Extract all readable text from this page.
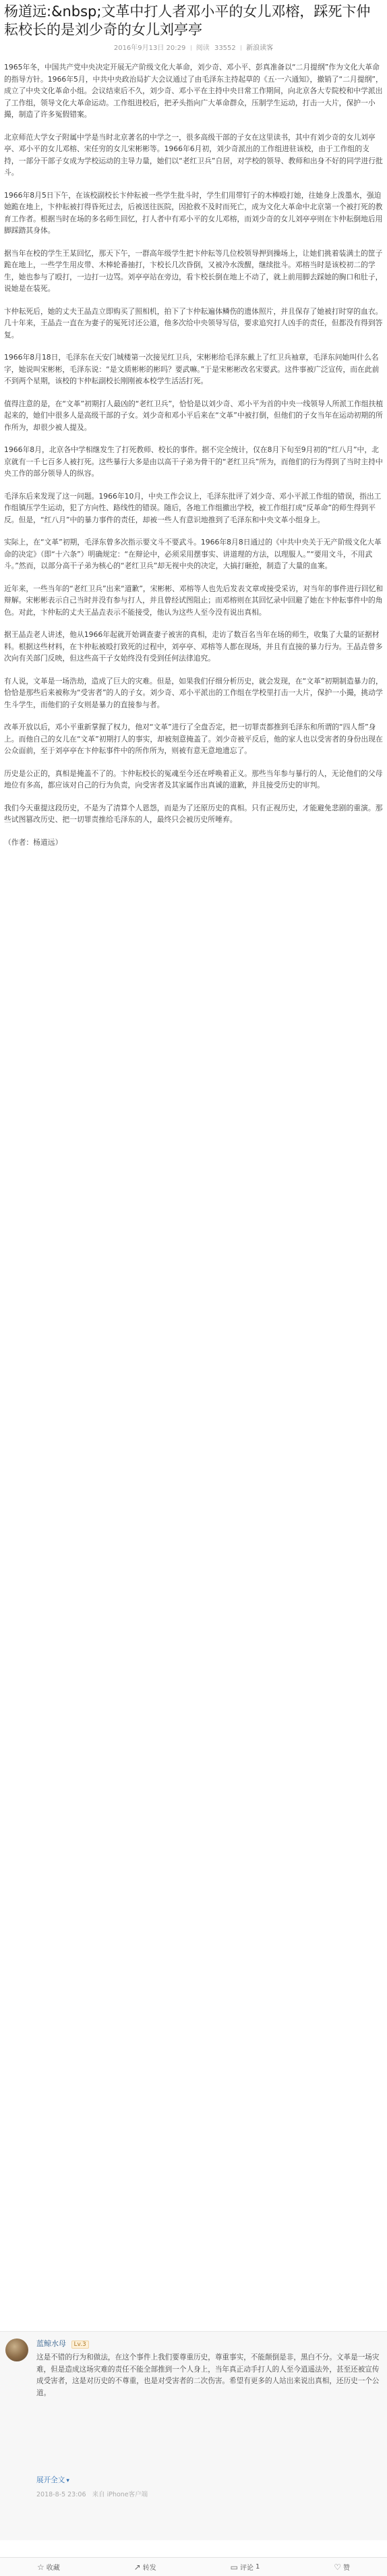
杨道远:&nbsp;文革中打人者邓小平的女儿邓榕，踩死卞仲耘校长的是刘少奇的女儿刘亭亭
2016年9月13日 20:29 阅读 33552 新浪读客

1965年冬，中国共产党中央决定开展无产阶级文化大革命，刘少奇、邓小平、彭真准备以“二月提纲”作为文化大革命的指导方针。1966年5月，中共中央政治局扩大会议通过了由毛泽东主持起草的《五·一六通知》，撤销了“二月提纲”，成立了中央文化革命小组。会议结束后不久，刘少奇、邓小平在主持中央日常工作期间，向北京各大专院校和中学派出了工作组，领导文化大革命运动。工作组进校后，把矛头指向广大革命群众，压制学生运动，打击一大片，保护一小撮，制造了许多冤假错案。

北京师范大学女子附属中学是当时北京著名的中学之一，很多高级干部的子女在这里读书，其中有刘少奇的女儿刘亭亭、邓小平的女儿邓榕、宋任穷的女儿宋彬彬等。1966年6月初，刘少奇派出的工作组进驻该校，由于工作组的支持，一部分干部子女成为学校运动的主导力量，她们以“老红卫兵”自居，对学校的领导、教师和出身不好的同学进行批斗。

1966年8月5日下午，在该校副校长卞仲耘被一些学生批斗时，学生们用带钉子的木棒殴打她，往她身上泼墨水，强迫她跪在地上，卞仲耘被打得昏死过去，后被送往医院，因抢救不及时而死亡，成为文化大革命中北京第一个被打死的教育工作者。根据当时在场的多名师生回忆，打人者中有邓小平的女儿邓榕，而刘少奇的女儿刘亭亭则在卞仲耘倒地后用脚踩踏其身体。

据当年在校的学生王某回忆，那天下午，一群高年级学生把卞仲耘等几位校领导押到操场上，让她们挑着装满土的筐子跪在地上，一些学生用皮带、木棒轮番抽打，卞校长几次昏倒，又被冷水泼醒，继续批斗。邓榕当时是该校初二的学生，她也参与了殴打，一边打一边骂。刘亭亭站在旁边，看卞校长倒在地上不动了，就上前用脚去踩她的胸口和肚子，说她是在装死。

卞仲耘死后，她的丈夫王晶垚立即购买了照相机，拍下了卞仲耘遍体鳞伤的遗体照片，并且保存了她被打时穿的血衣。几十年来，王晶垚一直在为妻子的冤死讨还公道，他多次给中央领导写信，要求追究打人凶手的责任，但都没有得到答复。

1966年8月18日，毛泽东在天安门城楼第一次接见红卫兵，宋彬彬给毛泽东戴上了红卫兵袖章，毛泽东问她叫什么名字，她说叫宋彬彬，毛泽东说：“是文质彬彬的彬吗？要武嘛。”于是宋彬彬改名宋要武。这件事被广泛宣传，而在此前不到两个星期，该校的卞仲耘副校长刚刚被本校学生活活打死。

值得注意的是，在“文革”初期打人最凶的“老红卫兵”，恰恰是以刘少奇、邓小平为首的中央一线领导人所派工作组扶植起来的，她们中很多人是高级干部的子女。刘少奇和邓小平后来在“文革”中被打倒，但他们的子女当年在运动初期的所作所为，却很少被人提及。

1966年8月，北京各中学相继发生了打死教师、校长的事件。据不完全统计，仅在8月下旬至9月初的“红八月”中，北京就有一千七百多人被打死。这些暴行大多是由以高干子弟为骨干的“老红卫兵”所为，而他们的行为得到了当时主持中央工作的部分领导人的纵容。

毛泽东后来发现了这一问题。1966年10月，中央工作会议上，毛泽东批评了刘少奇、邓小平派工作组的错误，指出工作组镇压学生运动，犯了方向性、路线性的错误。随后，各地工作组撤出学校，被工作组打成“反革命”的师生得到平反。但是，“红八月”中的暴力事件的责任，却被一些人有意识地推到了毛泽东和中央文革小组身上。

实际上，在“文革”初期，毛泽东曾多次指示要文斗不要武斗。1966年8月8日通过的《中共中央关于无产阶级文化大革命的决定》（即“十六条”）明确规定：“在辩论中，必须采用摆事实、讲道理的方法，以理服人。”“要用文斗，不用武斗。”然而，以部分高干子弟为核心的“老红卫兵”却无视中央的决定，大搞打砸抢，制造了大量的血案。

近年来，一些当年的“老红卫兵”出来“道歉”，宋彬彬、邓榕等人也先后发表文章或接受采访，对当年的事件进行回忆和辩解。宋彬彬表示自己当时并没有参与打人，并且曾经试图阻止；而邓榕则在其回忆录中回避了她在卞仲耘事件中的角色。对此，卞仲耘的丈夫王晶垚表示不能接受，他认为这些人至今没有说出真相。

据王晶垚老人讲述，他从1966年起就开始调查妻子被害的真相，走访了数百名当年在场的师生，收集了大量的证据材料。根据这些材料，在卞仲耘被殴打致死的过程中，刘亭亭、邓榕等人都在现场，并且有直接的暴力行为。王晶垚曾多次向有关部门反映，但这些高干子女始终没有受到任何法律追究。

有人说，文革是一场浩劫，造成了巨大的灾难。但是，如果我们仔细分析历史，就会发现，在“文革”初期制造暴力的，恰恰是那些后来被称为“受害者”的人的子女。刘少奇、邓小平派出的工作组在学校里打击一大片，保护一小撮，挑动学生斗学生，而他们的子女则是暴力的直接参与者。

改革开放以后，邓小平重新掌握了权力，他对“文革”进行了全盘否定，把一切罪责都推到毛泽东和所谓的“四人帮”身上。而他自己的女儿在“文革”初期打人的事实，却被刻意掩盖了。刘少奇被平反后，他的家人也以受害者的身份出现在公众面前，至于刘亭亭在卞仲耘事件中的所作所为，则被有意无意地遗忘了。

历史是公正的，真相是掩盖不了的。卞仲耘校长的冤魂至今还在呼唤着正义。那些当年参与暴行的人，无论他们的父母地位有多高，都应该对自己的行为负责，向受害者及其家属作出真诚的道歉，并且接受历史的审判。

我们今天重提这段历史，不是为了清算个人恩怨，而是为了还原历史的真相。只有正视历史，才能避免悲剧的重演。那些试图篡改历史、把一切罪责推给毛泽东的人，最终只会被历史所唾弃。

（作者：杨道远）

蓝鲸水母 Lv.3
这是不错的行为和做法，在这个事件上我们要尊重历史，尊重事实，不能颠倒是非，黑白不分。文革是一场灾难，但是造成这场灾难的责任不能全部推到一个人身上，当年真正动手打人的人至今逍遥法外，甚至还被宣传成受害者，这是对历史的不尊重，也是对受害者的二次伤害。希望有更多的人站出来说出真相，还历史一个公道。
展开全文 ▾
2018-8-5 23:06 来自 iPhone客户端
☆ 收藏	↗ 转发	▭ 评论 1	♡ 赞
